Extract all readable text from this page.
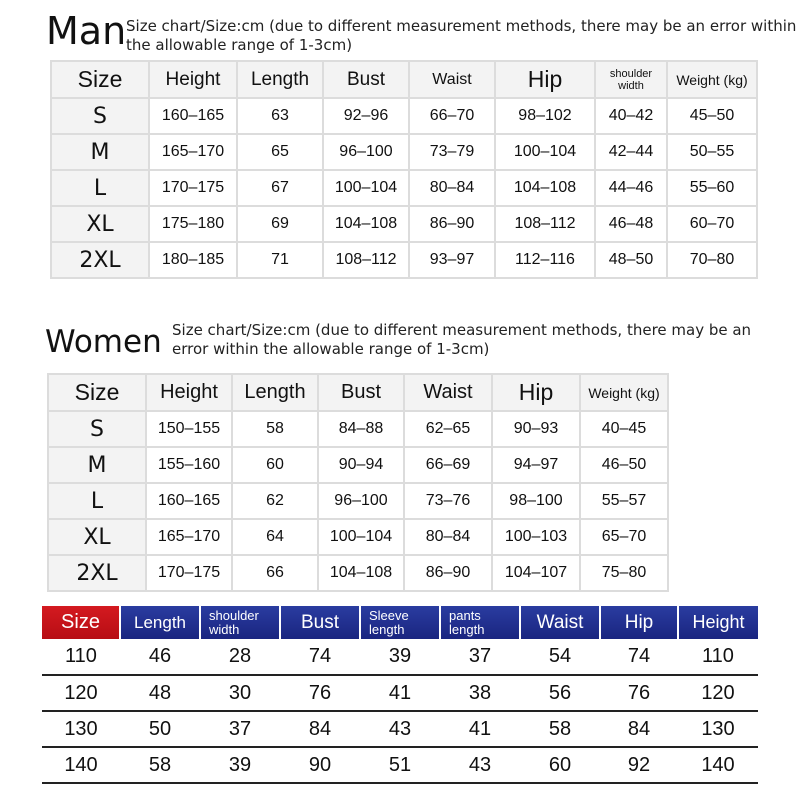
Man Size chart/Size:cm (due to different measurement methods, there may be an error within
the allowable range of 1-3cm)
Size	Height	Length	Bust	Waist	Hip	shoulder width	Weight (kg)
S	160–165	63	92–96	66–70	98–102	40–42	45–50
M	165–170	65	96–100	73–79	100–104	42–44	50–55
L	170–175	67	100–104	80–84	104–108	44–46	55–60
XL	175–180	69	104–108	86–90	108–112	46–48	60–70
2XL	180–185	71	108–112	93–97	112–116	48–50	70–80
Women Size chart/Size:cm (due to different measurement methods, there may be an
error within the allowable range of 1-3cm)
Size	Height	Length	Bust	Waist	Hip	Weight (kg)
S	150–155	58	84–88	62–65	90–93	40–45
M	155–160	60	90–94	66–69	94–97	46–50
L	160–165	62	96–100	73–76	98–100	55–57
XL	165–170	64	100–104	80–84	100–103	65–70
2XL	170–175	66	104–108	86–90	104–107	75–80
Size	Length	shoulder width	Bust	Sleeve length	pants length	Waist	Hip	Height
110	46	28	74	39	37	54	74	110
120	48	30	76	41	38	56	76	120
130	50	37	84	43	41	58	84	130
140	58	39	90	51	43	60	92	140
